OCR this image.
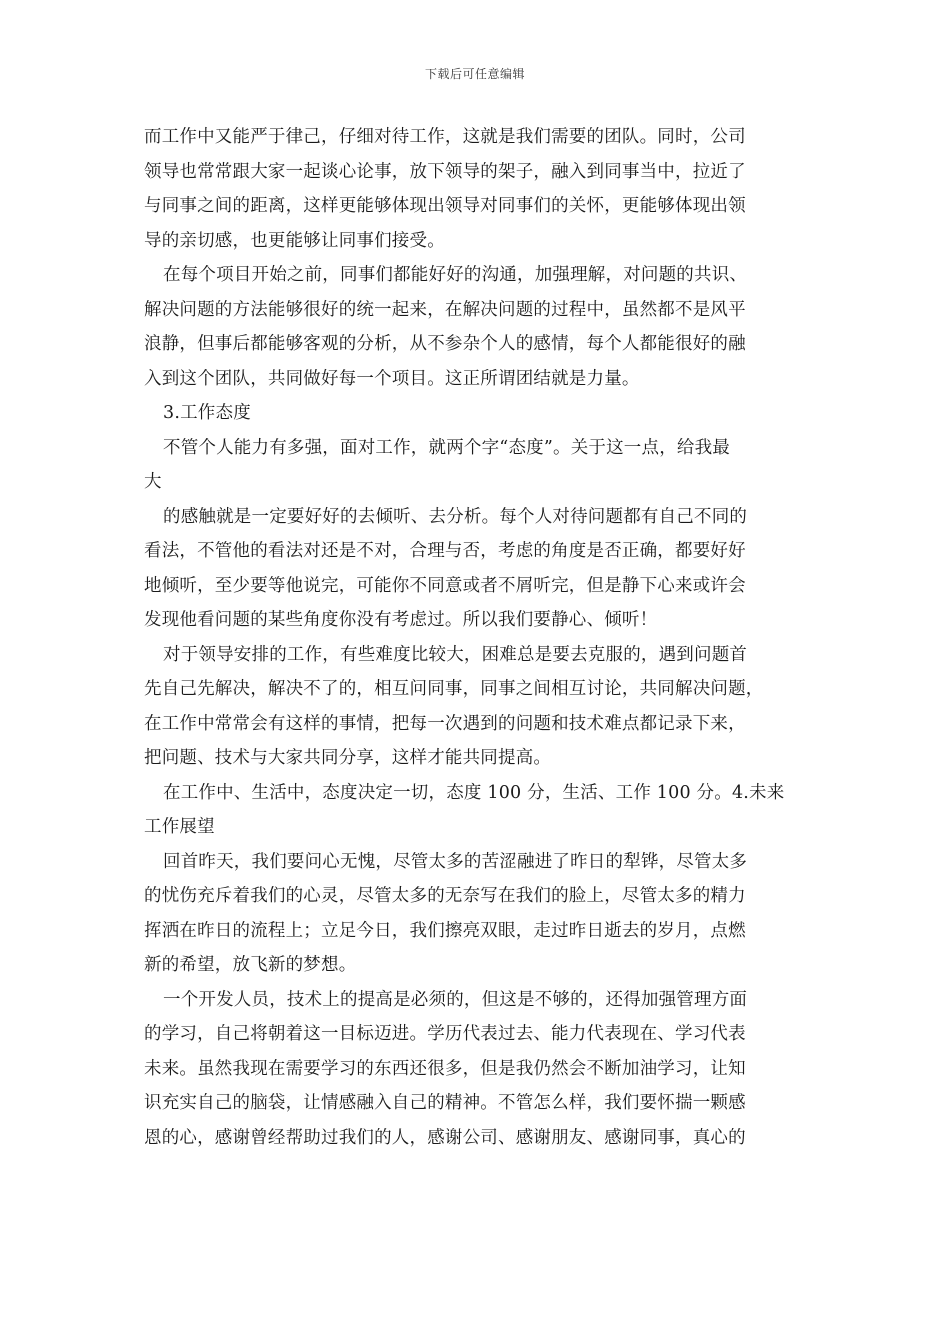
下载后可任意编辑
而工作中又能严于律己，仔细对待工作，这就是我们需要的团队。同时，公司
领导也常常跟大家一起谈心论事，放下领导的架子，融入到同事当中，拉近了
与同事之间的距离，这样更能够体现出领导对同事们的关怀，更能够体现出领
导的亲切感，也更能够让同事们接受。
在每个项目开始之前，同事们都能好好的沟通，加强理解，对问题的共识、
解决问题的方法能够很好的统一起来，在解决问题的过程中，虽然都不是风平
浪静，但事后都能够客观的分析，从不参杂个人的感情，每个人都能很好的融
入到这个团队，共同做好每一个项目。这正所谓团结就是力量。
3.工作态度
不管个人能力有多强，面对工作，就两个字“态度”。关于这一点，给我最
大
的感触就是一定要好好的去倾听、去分析。每个人对待问题都有自己不同的
看法，不管他的看法对还是不对，合理与否，考虑的角度是否正确，都要好好
地倾听，至少要等他说完，可能你不同意或者不屑听完，但是静下心来或许会
发现他看问题的某些角度你没有考虑过。所以我们要静心、倾听！
对于领导安排的工作，有些难度比较大，困难总是要去克服的，遇到问题首
先自己先解决，解决不了的，相互问同事，同事之间相互讨论，共同解决问题，
在工作中常常会有这样的事情，把每一次遇到的问题和技术难点都记录下来，
把问题、技术与大家共同分享，这样才能共同提高。
在工作中、生活中，态度决定一切，态度 100 分，生活、工作 100 分。4.未来
工作展望
回首昨天，我们要问心无愧，尽管太多的苦涩融进了昨日的犁铧，尽管太多
的忧伤充斥着我们的心灵，尽管太多的无奈写在我们的脸上，尽管太多的精力
挥洒在昨日的流程上；立足今日，我们擦亮双眼，走过昨日逝去的岁月，点燃
新的希望，放飞新的梦想。
一个开发人员，技术上的提高是必须的，但这是不够的，还得加强管理方面
的学习，自己将朝着这一目标迈进。学历代表过去、能力代表现在、学习代表
未来。虽然我现在需要学习的东西还很多，但是我仍然会不断加油学习，让知
识充实自己的脑袋，让情感融入自己的精神。不管怎么样，我们要怀揣一颗感
恩的心，感谢曾经帮助过我们的人，感谢公司、感谢朋友、感谢同事，真心的
